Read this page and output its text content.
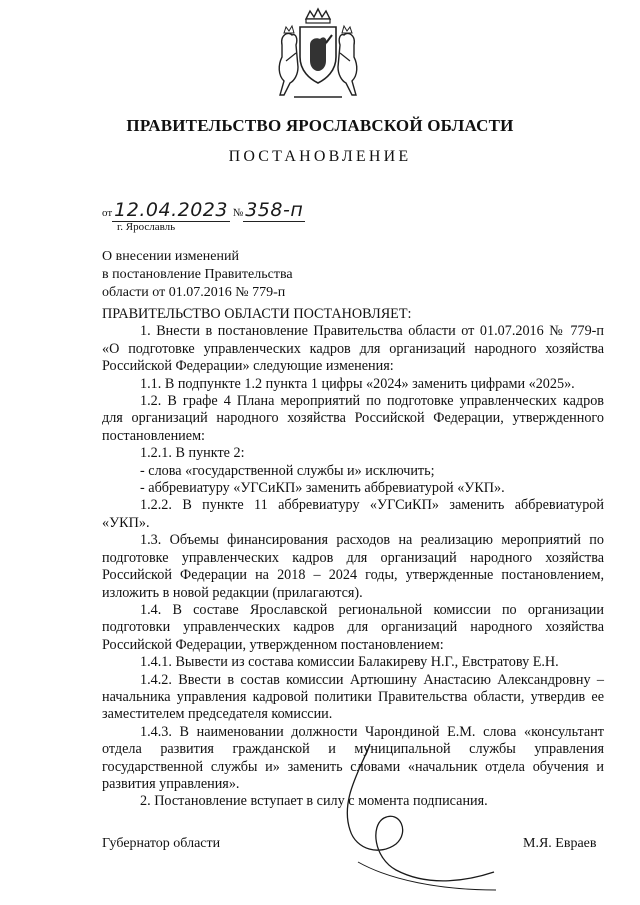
ПРАВИТЕЛЬСТВО ЯРОСЛАВСКОЙ ОБЛАСТИ
ПОСТАНОВЛЕНИЕ
от 12.04.2023 № 358-п
г. Ярославль
О внесении изменений
в постановление Правительства
области от 01.07.2016 № 779-п

ПРАВИТЕЛЬСТВО ОБЛАСТИ ПОСТАНОВЛЯЕТ:

1. Внести в постановление Правительства области от 01.07.2016 № 779-п «О подготовке управленческих кадров для организаций народного хозяйства Российской Федерации» следующие изменения:

1.1. В подпункте 1.2 пункта 1 цифры «2024» заменить цифрами «2025».

1.2. В графе 4 Плана мероприятий по подготовке управленческих кадров для организаций народного хозяйства Российской Федерации, утвержденного постановлением:

1.2.1. В пункте 2:

- слова «государственной службы и» исключить;

- аббревиатуру «УГСиКП» заменить аббревиатурой «УКП».

1.2.2. В пункте 11 аббревиатуру «УГСиКП» заменить аббревиатурой «УКП».

1.3. Объемы финансирования расходов на реализацию мероприятий по подготовке управленческих кадров для организаций народного хозяйства Российской Федерации на 2018 – 2024 годы, утвержденные постановлением, изложить в новой редакции (прилагаются).

1.4. В составе Ярославской региональной комиссии по организации подготовки управленческих кадров для организаций народного хозяйства Российской Федерации, утвержденном постановлением:

1.4.1. Вывести из состава комиссии Балакиреву Н.Г., Евстратову Е.Н.

1.4.2. Ввести в состав комиссии Артюшину Анастасию Александровну – начальника управления кадровой политики Правительства области, утвердив ее заместителем председателя комиссии.

1.4.3. В наименовании должности Чарондиной Е.М. слова «консультант отдела развития гражданской и муниципальной службы управления государственной службы и» заменить словами «начальник отдела обучения и развития управления».

2. Постановление вступает в силу с момента подписания.

Губернатор области	М.Я. Евраев
